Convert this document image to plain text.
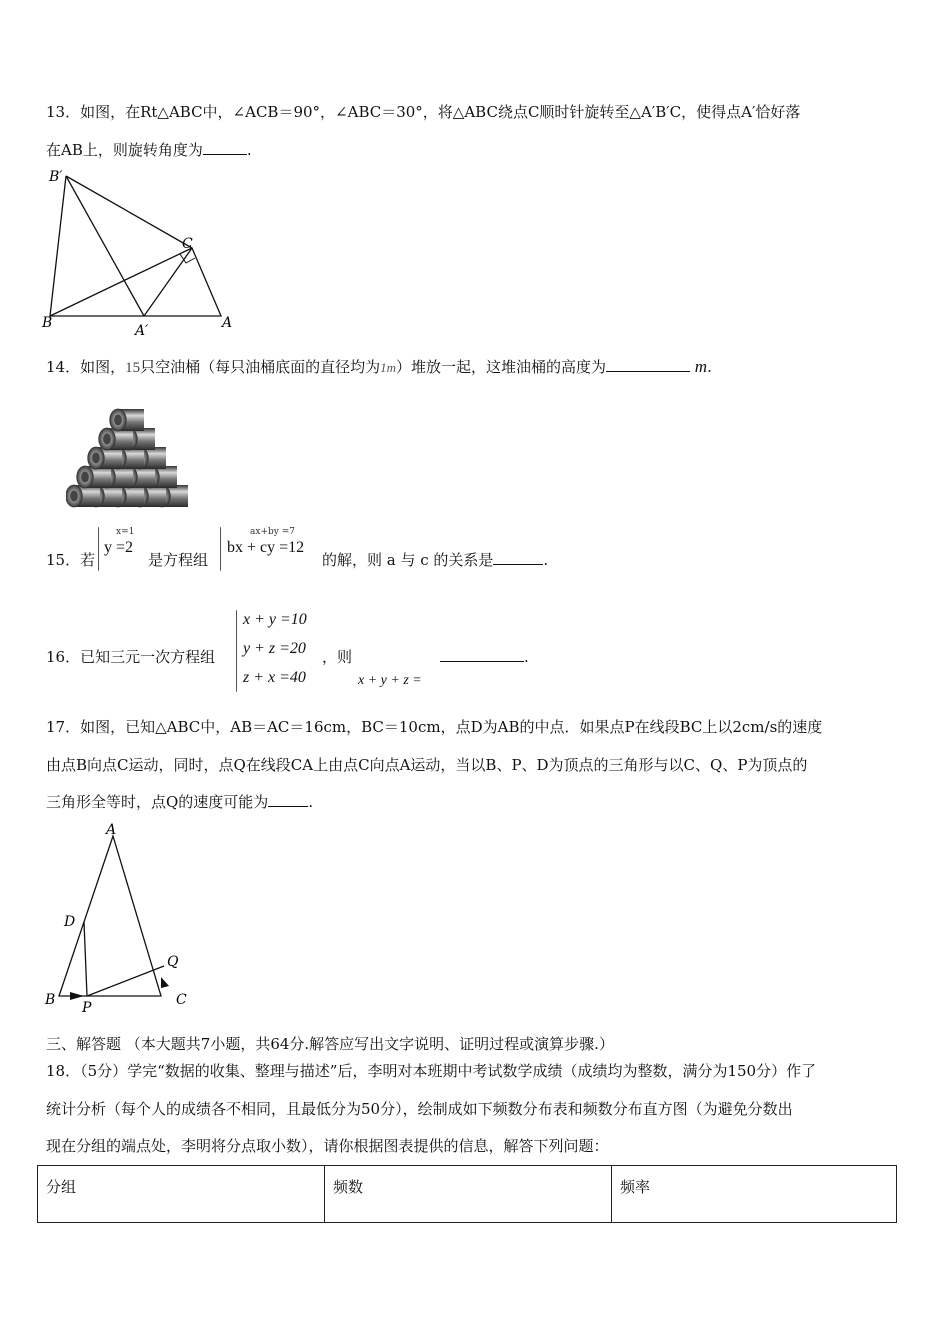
13．如图，在Rt△ABC中，∠ACB＝90°，∠ABC＝30°，将△ABC绕点C顺时针旋转至△A′B′C，使得点A′恰好落
在AB上，则旋转角度为	.
B′
C
B	A′	A
14．如图，15只空油桶（每只油桶底面的直径均为1m）堆放一起，这堆油桶的高度为	m.
15．若
x=1
y =2
是方程组
ax+by =7
bx + cy =12
的解，则 a 与 c 的关系是	.
16．已知三元一次方程组
x + y =10
y + z =20
z + x =40
，则
x + y + z =
.
17．如图，已知△ABC中，AB＝AC＝16cm，BC＝10cm，点D为AB的中点．如果点P在线段BC上以2cm/s的速度
由点B向点C运动，同时，点Q在线段CA上由点C向点A运动，当以B、P、D为顶点的三角形与以C、Q、P为顶点的
三角形全等时，点Q的速度可能为	.
A
D
Q
B P	C
三、解答题 （本大题共7小题，共64分.解答应写出文字说明、证明过程或演算步骤.）
18．（5分）学完“数据的收集、整理与描述”后，李明对本班期中考试数学成绩（成绩均为整数，满分为150分）作了
统计分析（每个人的成绩各不相同，且最低分为50分），绘制成如下频数分布表和频数分布直方图（为避免分数出
现在分组的端点处，李明将分点取小数），请你根据图表提供的信息，解答下列问题：
分组	频数	频率
